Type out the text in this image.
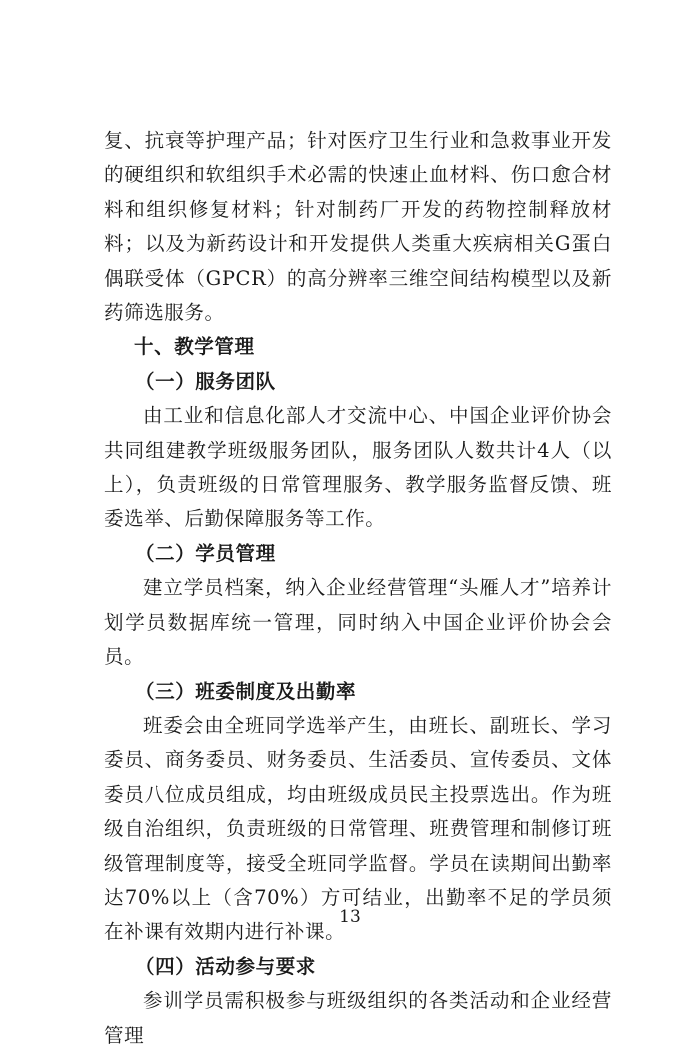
复、抗衰等护理产品；针对医疗卫生行业和急救事业开发的硬组织和软组织手术必需的快速止血材料、伤口愈合材料和组织修复材料；针对制药厂开发的药物控制释放材料；以及为新药设计和开发提供人类重大疾病相关G蛋白偶联受体（GPCR）的高分辨率三维空间结构模型以及新药筛选服务。

十、教学管理
（一）服务团队

由工业和信息化部人才交流中心、中国企业评价协会共同组建教学班级服务团队，服务团队人数共计4人（以上），负责班级的日常管理服务、教学服务监督反馈、班委选举、后勤保障服务等工作。

（二）学员管理

建立学员档案，纳入企业经营管理“头雁人才”培养计划学员数据库统一管理，同时纳入中国企业评价协会会员。

（三）班委制度及出勤率

班委会由全班同学选举产生，由班长、副班长、学习委员、商务委员、财务委员、生活委员、宣传委员、文体委员八位成员组成，均由班级成员民主投票选出。作为班级自治组织，负责班级的日常管理、班费管理和制修订班级管理制度等，接受全班同学监督。学员在读期间出勤率达70%以上（含70%）方可结业，出勤率不足的学员须在补课有效期内进行补课。

（四）活动参与要求

参训学员需积极参与班级组织的各类活动和企业经营管理

13
